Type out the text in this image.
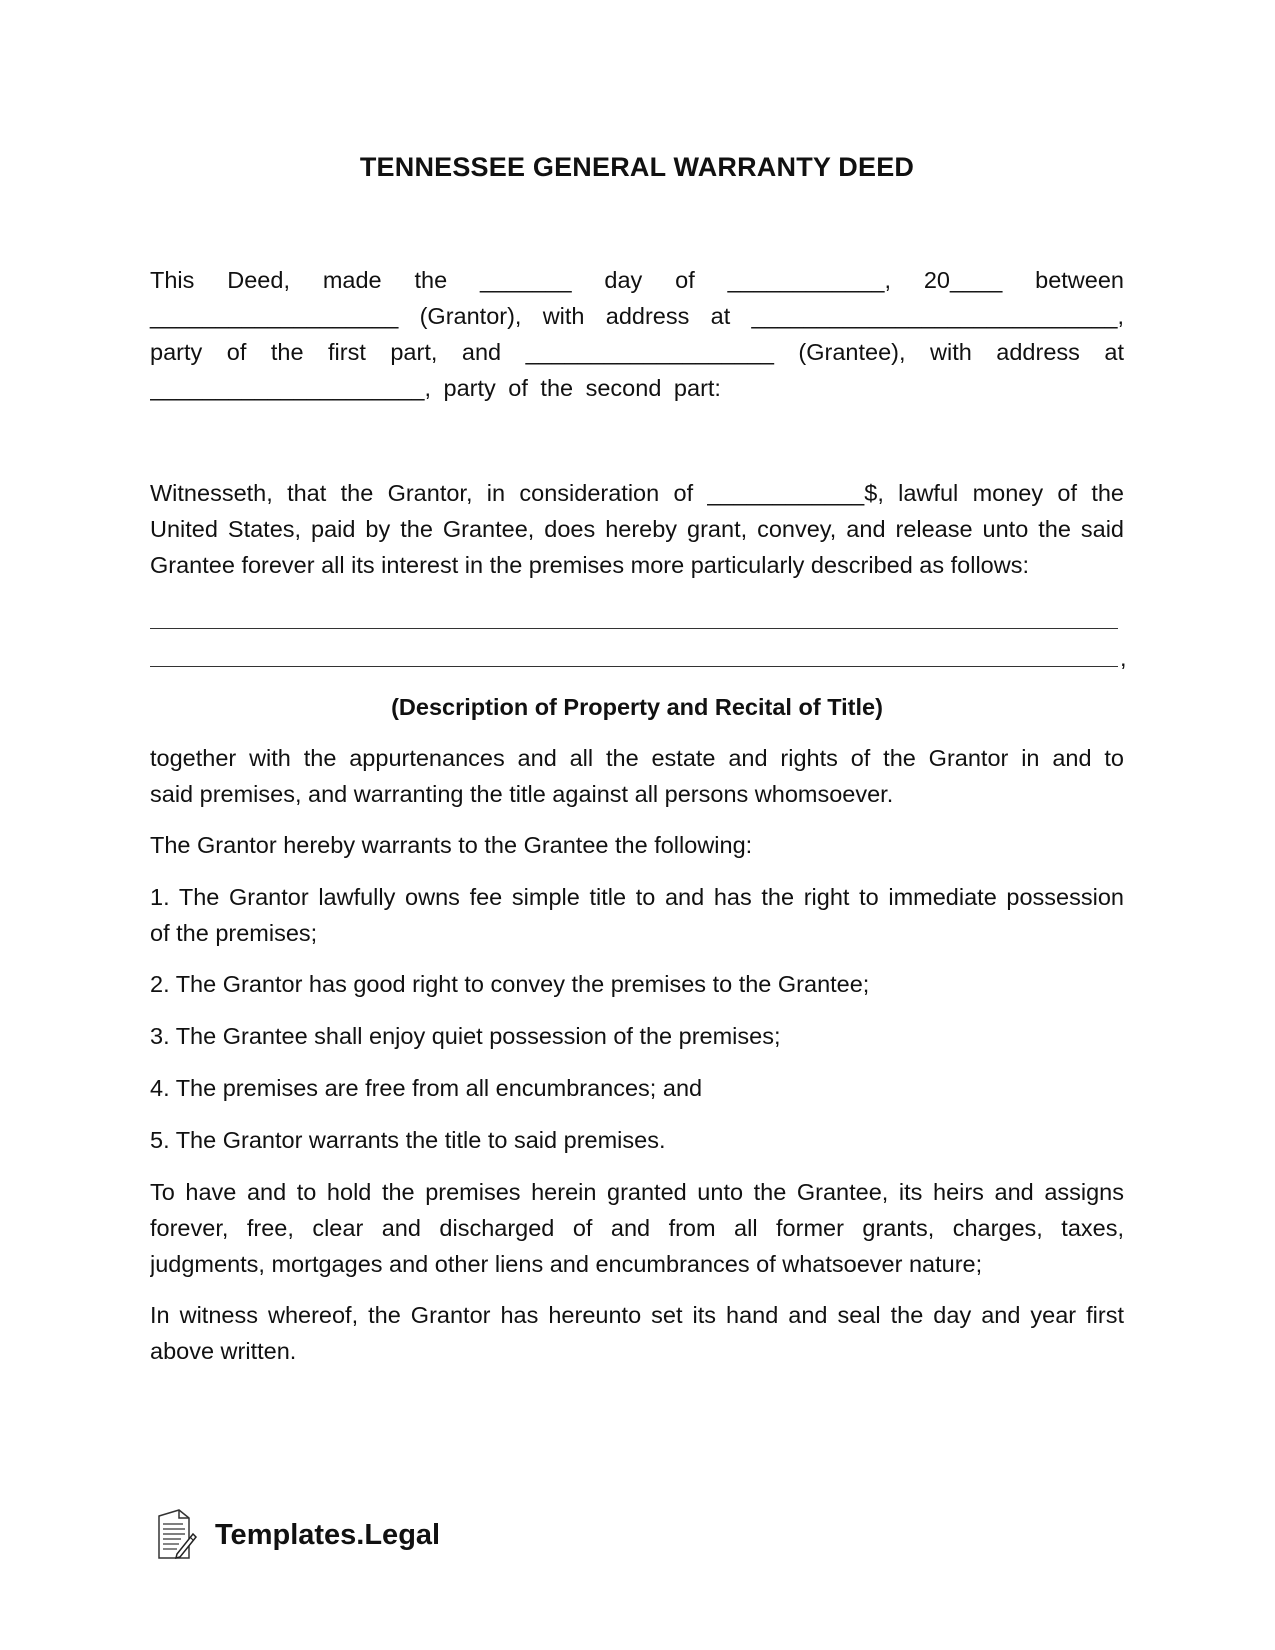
TENNESSEE GENERAL WARRANTY DEED
This Deed, made the _______ day of ____________, 20____ between
___________________ (Grantor), with address at ____________________________,
party of the first part, and ___________________ (Grantee), with address at
_____________________, party of the second part:
Witnesseth, that the Grantor, in consideration of ____________$, lawful money of the
United States, paid by the Grantee, does hereby grant, convey, and release unto the said
Grantee forever all its interest in the premises more particularly described as follows:
,
(Description of Property and Recital of Title)
together with the appurtenances and all the estate and rights of the Grantor in and to
said premises, and warranting the title against all persons whomsoever.
The Grantor hereby warrants to the Grantee the following:
1. The Grantor lawfully owns fee simple title to and has the right to immediate possession
of the premises;
2. The Grantor has good right to convey the premises to the Grantee;
3. The Grantee shall enjoy quiet possession of the premises;
4. The premises are free from all encumbrances; and
5. The Grantor warrants the title to said premises.
To have and to hold the premises herein granted unto the Grantee, its heirs and assigns
forever, free, clear and discharged of and from all former grants, charges, taxes,
judgments, mortgages and other liens and encumbrances of whatsoever nature;
In witness whereof, the Grantor has hereunto set its hand and seal the day and year first
above written.
Templates.Legal
